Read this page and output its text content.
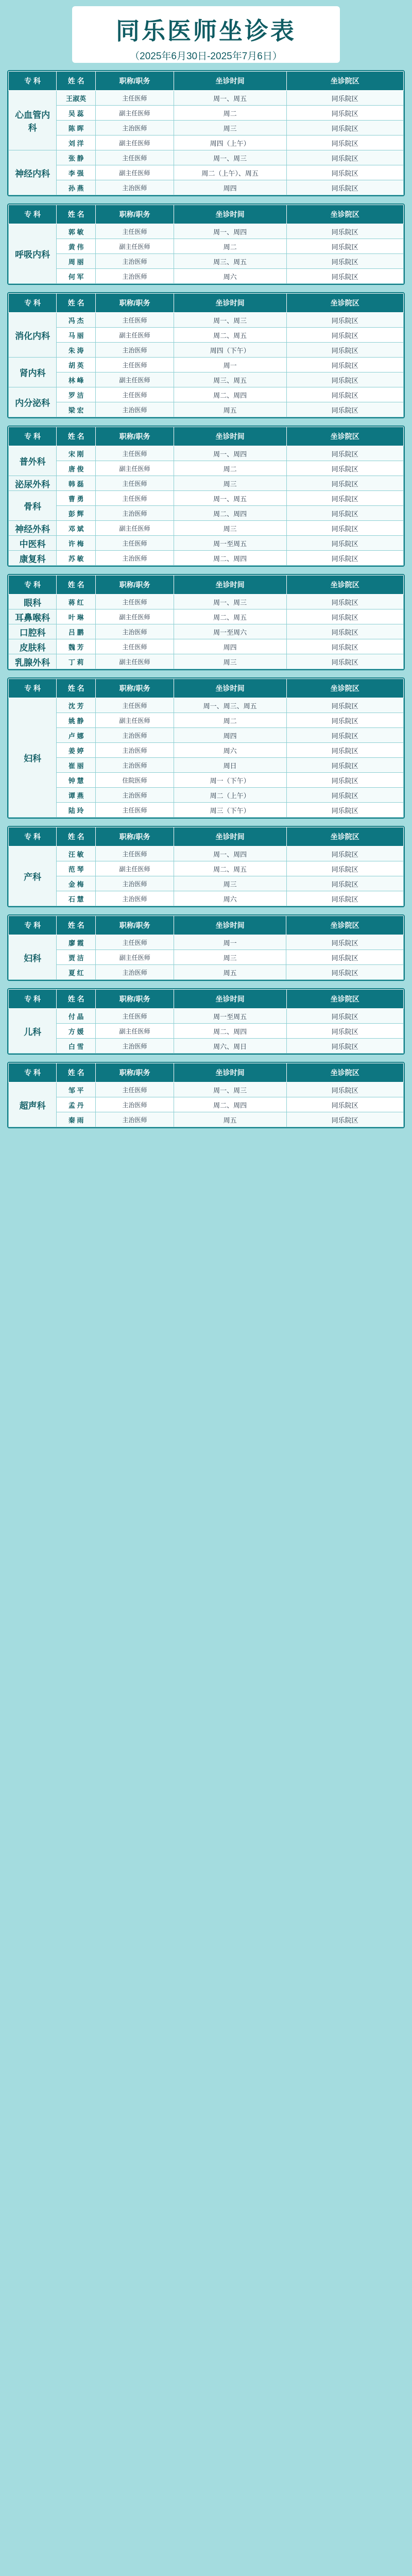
同乐医师坐诊表
（2025年6月30日-2025年7月6日）
专 科	姓 名	职称/职务	坐诊时间	坐诊院区
心血管内科	王淑英	主任医师	周一、周五	同乐院区
	吴 蕊	副主任医师	周二	同乐院区
	陈 晖	主治医师	周三	同乐院区
	刘 洋	副主任医师	周四（上午）	同乐院区
神经内科	张 静	主任医师	周一、周三	同乐院区
	李 强	副主任医师	周二（上午）、周五	同乐院区
	孙 燕	主治医师	周四	同乐院区
专 科	姓 名	职称/职务	坐诊时间	坐诊院区
呼吸内科	郭 敏	主任医师	周一、周四	同乐院区
	黄 伟	副主任医师	周二	同乐院区
	周 丽	主治医师	周三、周五	同乐院区
	何 军	主治医师	周六	同乐院区
专 科	姓 名	职称/职务	坐诊时间	坐诊院区
消化内科	冯 杰	主任医师	周一、周三	同乐院区
	马 丽	副主任医师	周二、周五	同乐院区
	朱 涛	主治医师	周四（下午）	同乐院区
肾内科	胡 英	主任医师	周一	同乐院区
	林 峰	副主任医师	周三、周五	同乐院区
内分泌科	罗 洁	主任医师	周二、周四	同乐院区
	梁 宏	主治医师	周五	同乐院区
专 科	姓 名	职称/职务	坐诊时间	坐诊院区
普外科	宋 刚	主任医师	周一、周四	同乐院区
	唐 俊	副主任医师	周二	同乐院区
泌尿外科	韩 磊	主任医师	周三	同乐院区
骨科	曹 勇	主任医师	周一、周五	同乐院区
	彭 辉	主治医师	周二、周四	同乐院区
神经外科	邓 斌	副主任医师	周三	同乐院区
中医科	许 梅	主任医师	周一至周五	同乐院区
康复科	苏 敏	主治医师	周二、周四	同乐院区
专 科	姓 名	职称/职务	坐诊时间	坐诊院区
眼科	蒋 红	主任医师	周一、周三	同乐院区
耳鼻喉科	叶 琳	副主任医师	周二、周五	同乐院区
口腔科	吕 鹏	主治医师	周一至周六	同乐院区
皮肤科	魏 芳	主任医师	周四	同乐院区
乳腺外科	丁 莉	副主任医师	周三	同乐院区
专 科	姓 名	职称/职务	坐诊时间	坐诊院区
妇科	沈 芳	主任医师	周一、周三、周五	同乐院区
	姚 静	副主任医师	周二	同乐院区
	卢 娜	主治医师	周四	同乐院区
	姜 婷	主治医师	周六	同乐院区
	崔 丽	主治医师	周日	同乐院区
	钟 慧	住院医师	周一（下午）	同乐院区
	谭 燕	主治医师	周二（上午）	同乐院区
	陆 玲	主任医师	周三（下午）	同乐院区
专 科	姓 名	职称/职务	坐诊时间	坐诊院区
产科	汪 敏	主任医师	周一、周四	同乐院区
	范 琴	副主任医师	周二、周五	同乐院区
	金 梅	主治医师	周三	同乐院区
	石 慧	主治医师	周六	同乐院区
专 科	姓 名	职称/职务	坐诊时间	坐诊院区
妇科	廖 霞	主任医师	周一	同乐院区
	贾 洁	副主任医师	周三	同乐院区
	夏 红	主治医师	周五	同乐院区
专 科	姓 名	职称/职务	坐诊时间	坐诊院区
儿科	付 晶	主任医师	周一至周五	同乐院区
	方 媛	副主任医师	周二、周四	同乐院区
	白 雪	主治医师	周六、周日	同乐院区
专 科	姓 名	职称/职务	坐诊时间	坐诊院区
超声科	邹 平	主任医师	周一、周三	同乐院区
	孟 丹	主治医师	周二、周四	同乐院区
	秦 雨	主治医师	周五	同乐院区
